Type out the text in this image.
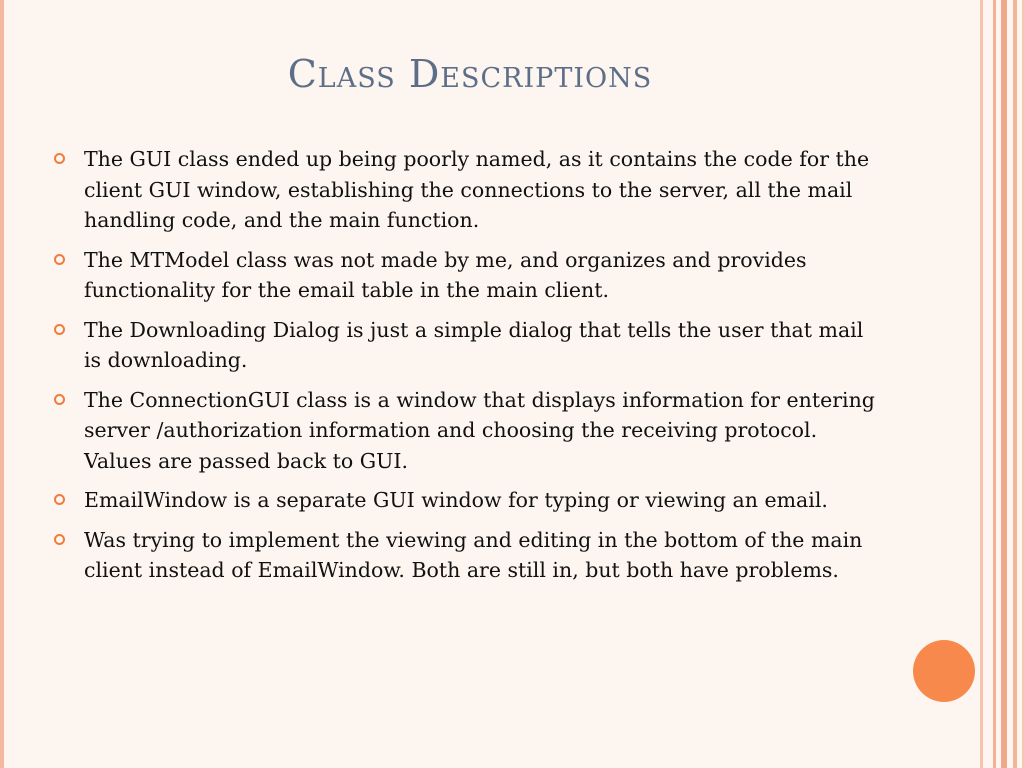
Class Descriptions
The GUI class ended up being poorly named, as it contains the code for the client GUI window, establishing the connections to the server, all the mail handling code, and the main function.
The MTModel class was not made by me, and organizes and provides functionality for the email table in the main client.
The Downloading Dialog is just a simple dialog that tells the user that mail is downloading.
The ConnectionGUI class is a window that displays information for entering server /authorization information and choosing the receiving protocol. Values are passed back to GUI.
EmailWindow is a separate GUI window for typing or viewing an email.
Was trying to implement the viewing and editing in the bottom of the main client instead of EmailWindow. Both are still in, but both have problems.
